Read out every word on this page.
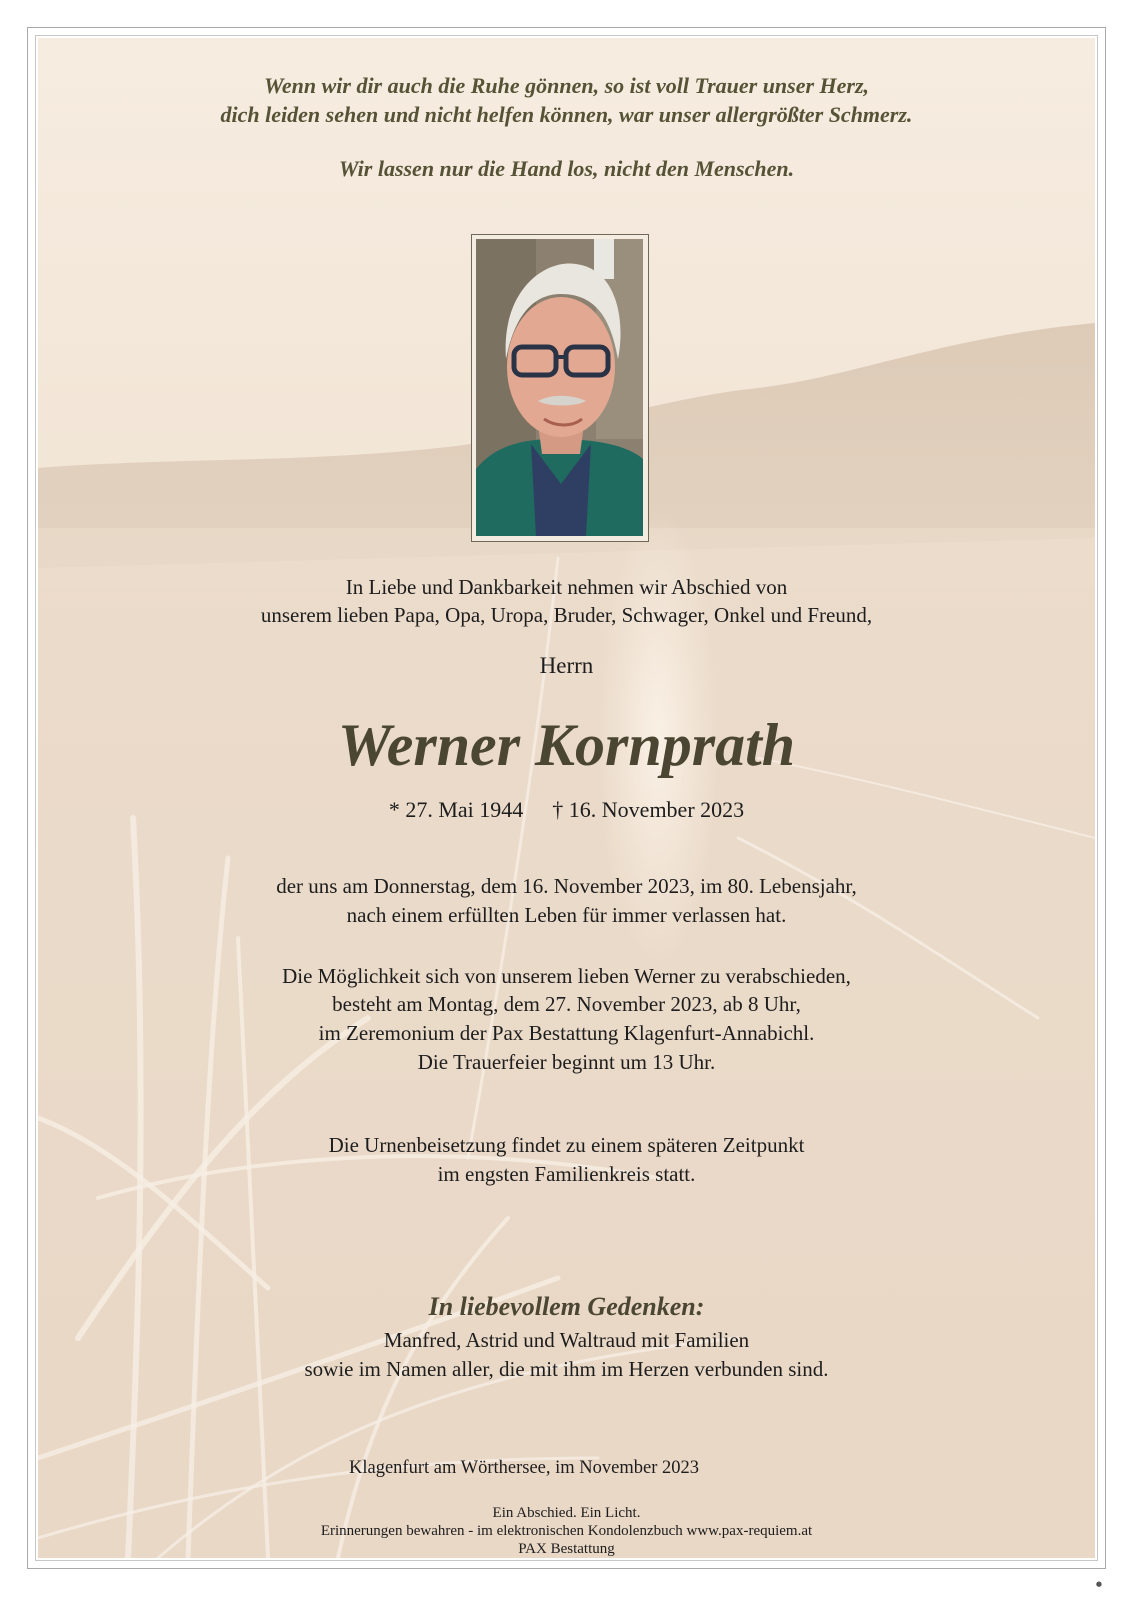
Wenn wir dir auch die Ruhe gönnen, so ist voll Trauer unser Herz,

dich leiden sehen und nicht helfen können, war unser allergrößter Schmerz.

Wir lassen nur die Hand los, nicht den Menschen.

In Liebe und Dankbarkeit nehmen wir Abschied von

unserem lieben Papa, Opa, Uropa, Bruder, Schwager, Onkel und Freund,

Herrn

Werner Kornprath

* 27. Mai 1944 † 16. November 2023

der uns am Donnerstag, dem 16. November 2023, im 80. Lebensjahr,

nach einem erfüllten Leben für immer verlassen hat.

Die Möglichkeit sich von unserem lieben Werner zu verabschieden,

besteht am Montag, dem 27. November 2023, ab 8 Uhr,

im Zeremonium der Pax Bestattung Klagenfurt-Annabichl.

Die Trauerfeier beginnt um 13 Uhr.

Die Urnenbeisetzung findet zu einem späteren Zeitpunkt

im engsten Familienkreis statt.

In liebevollem Gedenken:

Manfred, Astrid und Waltraud mit Familien

sowie im Namen aller, die mit ihm im Herzen verbunden sind.

Klagenfurt am Wörthersee, im November 2023

Ein Abschied. Ein Licht.

Erinnerungen bewahren - im elektronischen Kondolenzbuch www.pax-requiem.at

PAX Bestattung

●
